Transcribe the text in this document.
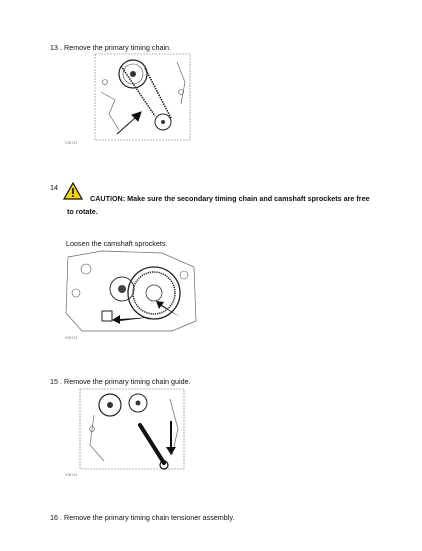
13 . Remove the primary timing chain.
E38743
14
CAUTION: Make sure the secondary timing chain and camshaft sprockets are free
to rotate.
Loosen the camshaft sprockets.
E38743
15 . Remove the primary timing chain guide.
E38744
16 . Remove the primary timing chain tensioner assembly.
